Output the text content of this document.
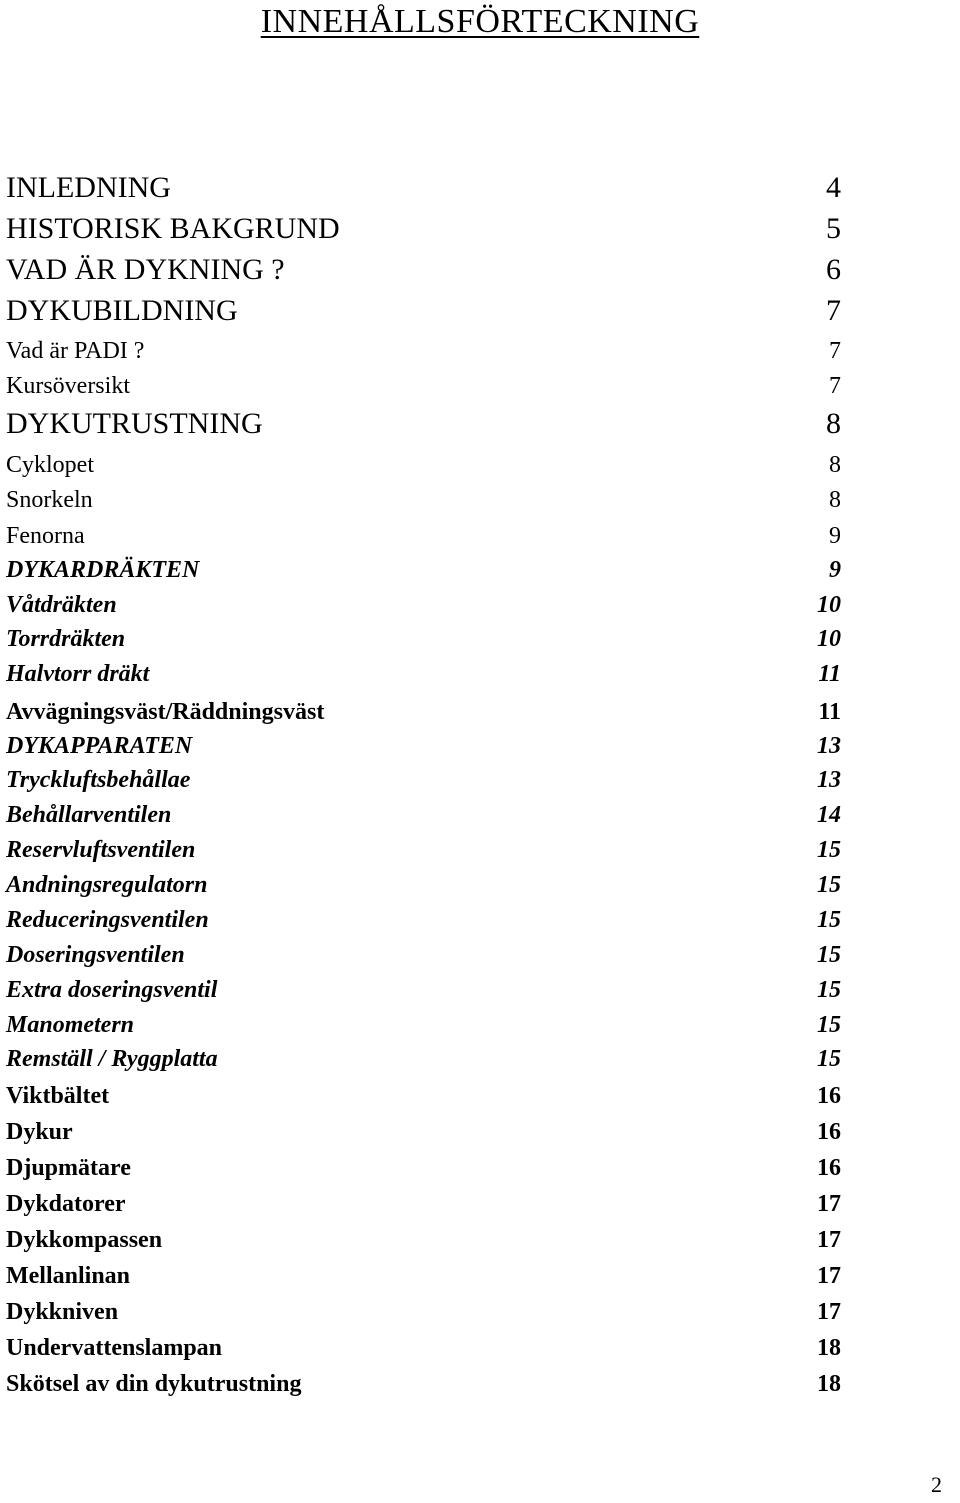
INNEHÅLLSFÖRTECKNING
INLEDNING	4
HISTORISK BAKGRUND	5
VAD ÄR DYKNING ?	6
DYKUBILDNING	7
Vad är PADI ?	7
Kursöversikt	7
DYKUTRUSTNING	8
Cyklopet	8
Snorkeln	8
Fenorna	9
DYKARDRÄKTEN	9
Våtdräkten	10
Torrdräkten	10
Halvtorr dräkt	11
Avvägningsväst/Räddningsväst	11
DYKAPPARATEN	13
Tryckluftsbehållae	13
Behållarventilen	14
Reservluftsventilen	15
Andningsregulatorn	15
Reduceringsventilen	15
Doseringsventilen	15
Extra doseringsventil	15
Manometern	15
Remställ / Ryggplatta	15
Viktbältet	16
Dykur	16
Djupmätare	16
Dykdatorer	17
Dykkompassen	17
Mellanlinan	17
Dykkniven	17
Undervattenslampan	18
Skötsel av din dykutrustning	18
2
